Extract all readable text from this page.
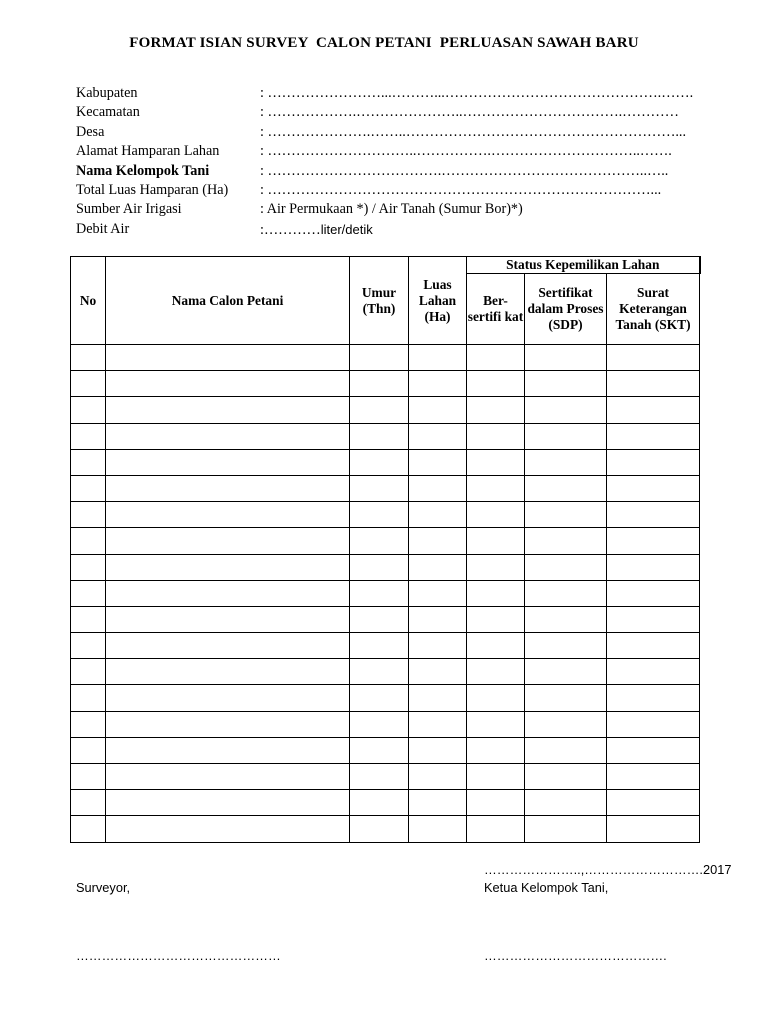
FORMAT ISIAN SURVEY  CALON PETANI  PERLUASAN SAWAH BARU
Kabupaten	: ……………………...………...……………………………………….…….
Kecamatan	: ……………….…………………..…………………………….…………
Desa	: ………………….……..…………………………………………………...
Alamat Hamparan Lahan	: …………………………..…………….…………………………..…….
Nama Kelompok Tani	: ……………………………….……………………………………..…..
Total Luas Hamparan (Ha) : ………………………………………………………………………...
Sumber Air Irigasi	: Air Permukaan *) / Air Tanah (Sumur Bor)*)
Debit Air	:…………liter/detik
No	Nama Calon Petani	Umur (Thn)	Luas Lahan (Ha)	Status Kepemilikan Lahan		
				Ber-sertifi kat	Sertifikat dalam Proses (SDP)	Surat Keterangan Tanah (SKT)

…………………..,……………………….2017
Surveyor,	Ketua Kelompok Tani,
…………………………………………	…………………………………….
